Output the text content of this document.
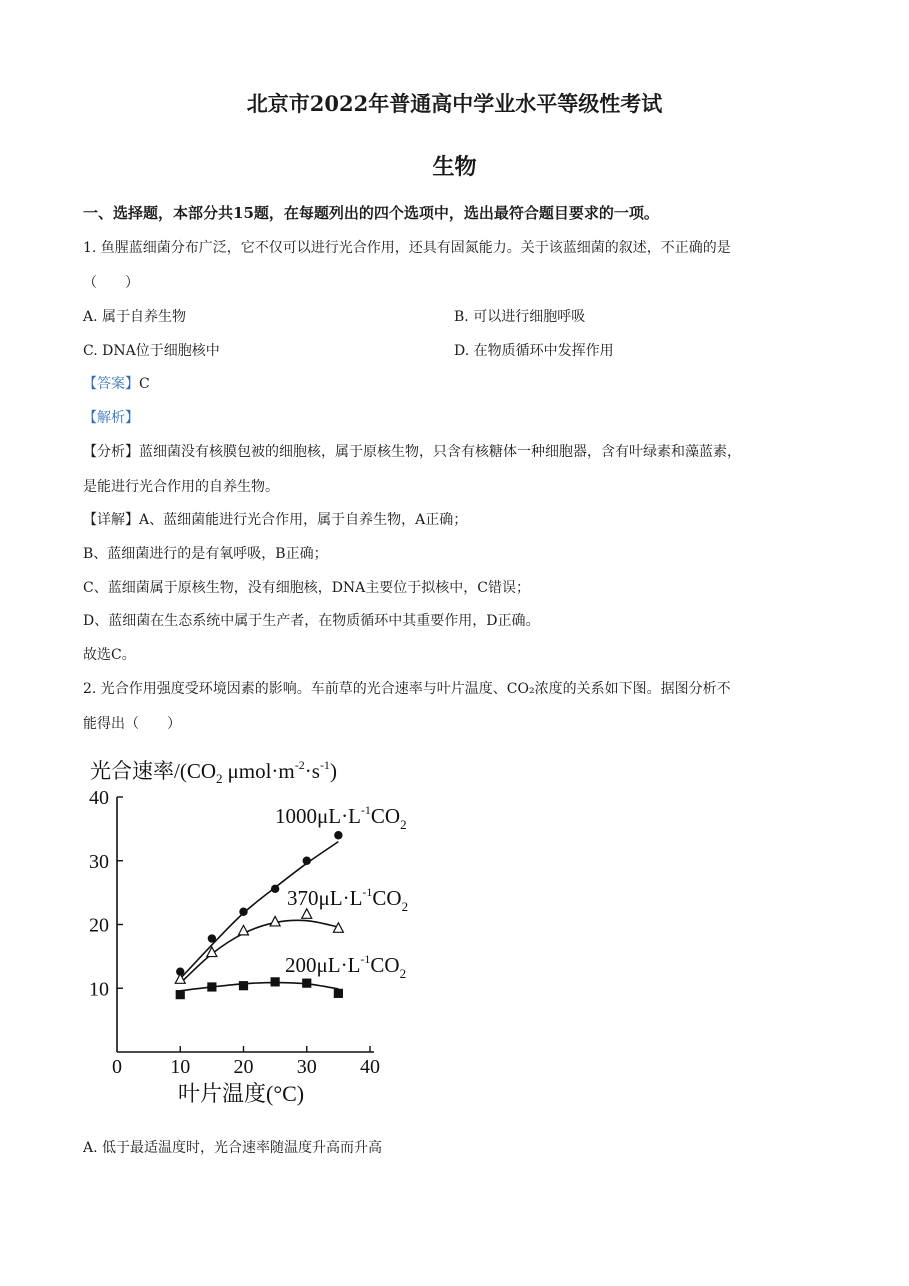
北京市2022年普通高中学业水平等级性考试
生物
一、选择题，本部分共15题，在每题列出的四个选项中，选出最符合题目要求的一项。
1. 鱼腥蓝细菌分布广泛，它不仅可以进行光合作用，还具有固氮能力。关于该蓝细菌的叙述，不正确的是
（　　）
A. 属于自养生物	B. 可以进行细胞呼吸
C. DNA位于细胞核中	D. 在物质循环中发挥作用
【答案】C
【解析】
【分析】蓝细菌没有核膜包被的细胞核，属于原核生物，只含有核糖体一种细胞器，含有叶绿素和藻蓝素，
是能进行光合作用的自养生物。
【详解】A、蓝细菌能进行光合作用，属于自养生物，A正确；
B、蓝细菌进行的是有氧呼吸，B正确；
C、蓝细菌属于原核生物，没有细胞核，DNA主要位于拟核中，C错误；
D、蓝细菌在生态系统中属于生产者，在物质循环中其重要作用，D正确。
故选C。
2. 光合作用强度受环境因素的影响。车前草的光合速率与叶片温度、CO₂浓度的关系如下图。据图分析不
能得出（　　）
光合速率$/(CO_2$ $\mu mol\cdot m^{-2}\cdot s^{-1}$)
10
20
30
40
0 10 20 30 40
$1000\mu L\cdot L^{-1}CO_2$
$370\mu L\cdot L^{-1}CO_2$
$200\mu L\cdot L^{-1}CO_2$
叶片温度(°C)
A. 低于最适温度时，光合速率随温度升高而升高
